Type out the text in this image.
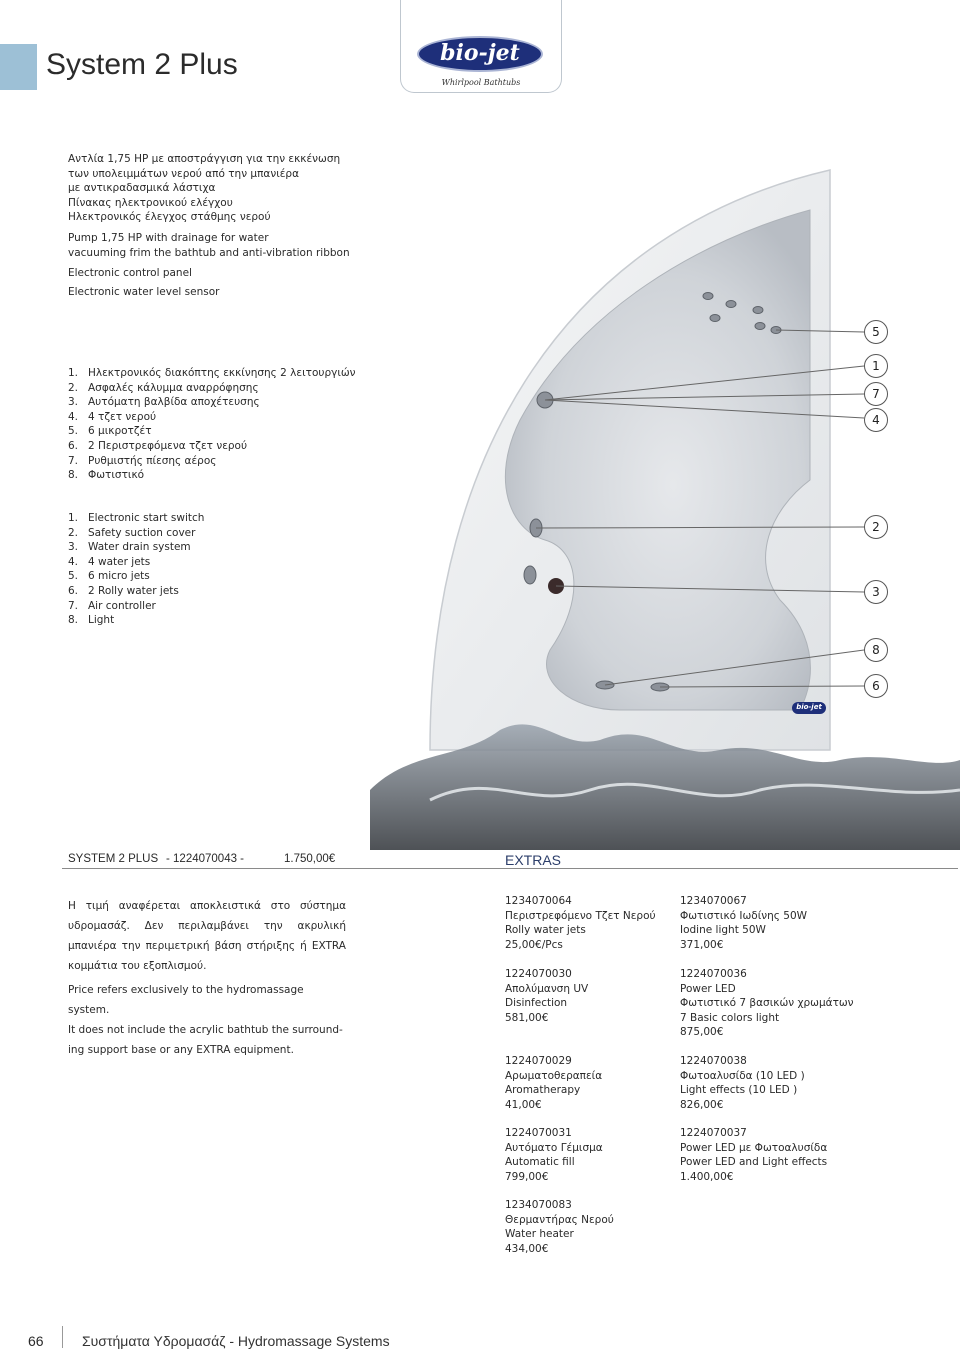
System 2 Plus	bio-jet
Whirlpool Bathtubs
Αντλία 1,75 HP με αποστράγγιση για την εκκένωση
των υπολειμμάτων νερού από την μπανιέρα
με αντικραδασμικά λάστιχα
Πίνακας ηλεκτρονικού ελέγχου
Ηλεκτρονικός έλεγχος στάθμης νερού
Pump 1,75 HP with drainage for water
vacuuming frim the bathtub and anti-vibration ribbon
Electronic control panel
Electronic water level sensor
1. Ηλεκτρονικός διακόπτης εκκίνησης 2 λειτουργιών
2. Ασφαλές κάλυμμα αναρρόφησης
3. Αυτόματη βαλβίδα αποχέτευσης
4. 4 τζετ νερού
5. 6 μικροτζέτ
6. 2 Περιστρεφόμενα τζετ νερού
7. Ρυθμιστής πίεσης αέρος
8. Φωτιστικό
1. Electronic start switch
2. Safety suction cover
3. Water drain system
4. 4 water jets
5. 6 micro jets
6. 2 Rolly water jets
7. Air controller
8. Light
5
1
7
4
2
3
8
6
bio-jet
SYSTEM 2 PLUS - 1224070043 -	1.750,00€	EXTRAS
Η τιμή αναφέρεται αποκλειστικά στο σύστημα υδρομασάζ. Δεν περιλαμβάνει την ακρυλική μπανιέρα την περιμετρική βάση στήριξης ή EXTRA κομμάτια του εξοπλισμού.
Price refers exclusively to the hydromassage system.
It does not include the acrylic bathtub the surround-
ing support base or any EXTRA equipment.
1234070064
Περιστρεφόμενο Τζετ Νερού
Rolly water jets
25,00€/Pcs
1234070067
Φωτιστικό Ιωδίνης 50W
Iodine light 50W
371,00€
1224070030
Απολύμανση UV
Disinfection
581,00€
1224070036
Power LED
Φωτιστικό 7 βασικών χρωμάτων
7 Basic colors light
875,00€
1224070029
Αρωματοθεραπεία
Aromatherapy
41,00€
1224070038
Φωτοαλυσίδα (10 LED )
Light effects (10 LED )
826,00€
1224070031
Αυτόματο Γέμισμα
Automatic fill
799,00€
1224070037
Power LED με Φωτοαλυσίδα
Power LED and Light effects
1.400,00€
1234070083
Θερμαντήρας Νερού
Water heater
434,00€
66	Συστήματα Υδρομασάζ - Hydromassage Systems
